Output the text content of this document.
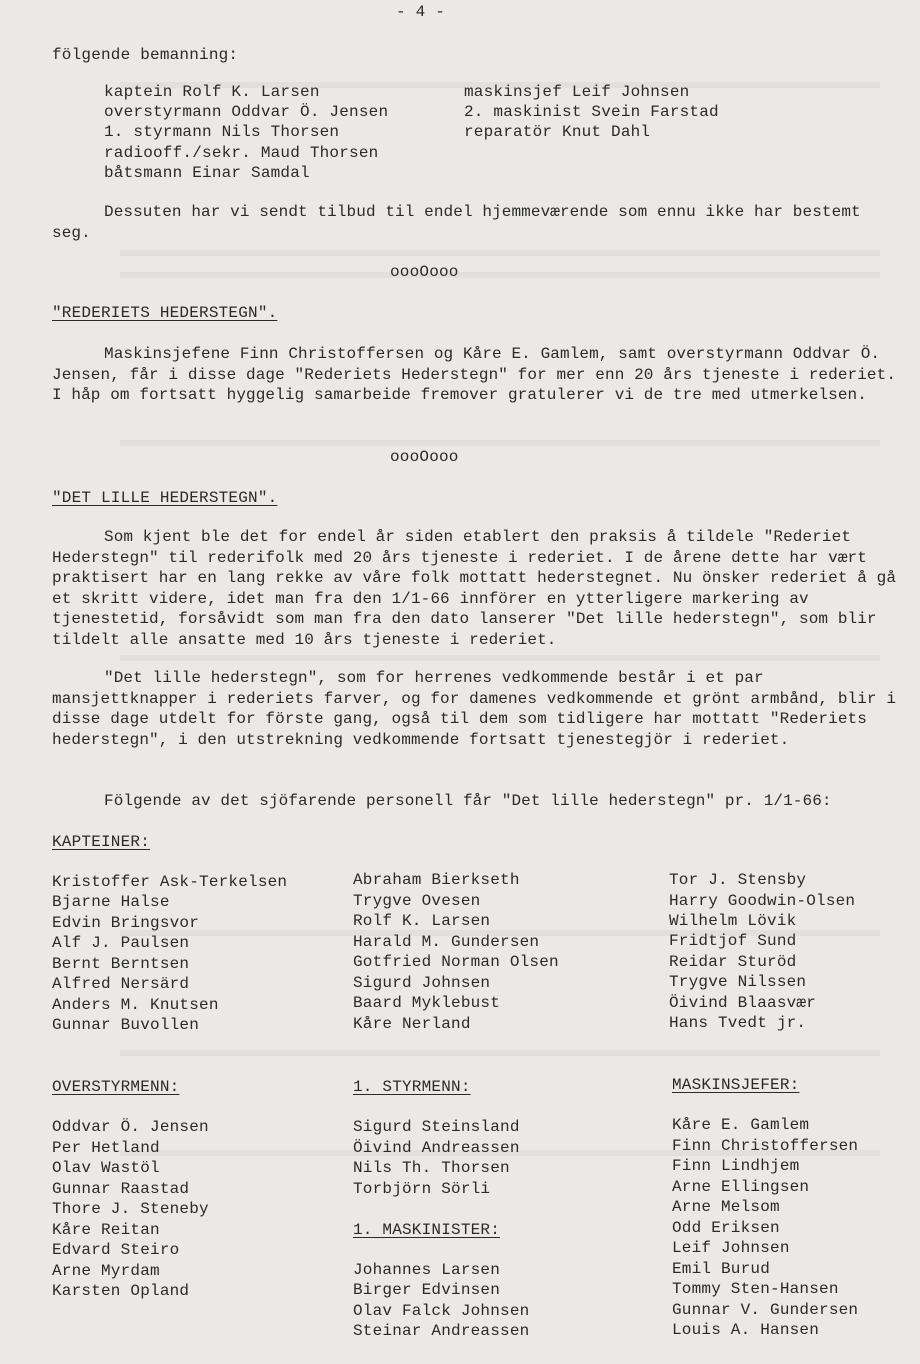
- 4 -
fölgende bemanning:
kaptein Rolf K. Larsen
overstyrmann Oddvar Ö. Jensen
1. styrmann Nils Thorsen
radiooff./sekr. Maud Thorsen
båtsmann Einar Samdal
maskinsjef Leif Johnsen
2. maskinist Svein Farstad
reparatör Knut Dahl

Dessuten har vi sendt tilbud til endel hjemmeværende som ennu ikke har bestemt seg.

oooOooo
"REDERIETS HEDERSTEGN".

Maskinsjefene Finn Christoffersen og Kåre E. Gamlem, samt overstyrmann Oddvar Ö. Jensen, får i disse dage "Rederiets Hederstegn" for mer enn 20 års tjeneste i rederiet. I håp om fortsatt hyggelig samarbeide fremover gratulerer vi de tre med utmerkelsen.

oooOooo
"DET LILLE HEDERSTEGN".

Som kjent ble det for endel år siden etablert den praksis å tildele "Rederiet Hederstegn" til rederifolk med 20 års tjeneste i rederiet. I de årene dette har vært praktisert har en lang rekke av våre folk mottatt hederstegnet. Nu önsker rederiet å gå et skritt videre, idet man fra den 1/1-66 innförer en ytterligere markering av tjenestetid, forsåvidt som man fra den dato lanserer "Det lille hederstegn", som blir tildelt alle ansatte med 10 års tjeneste i rederiet.

"Det lille hederstegn", som for herrenes vedkommende består i et par mansjettknapper i rederiets farver, og for damenes vedkommende et grönt armbånd, blir i disse dage utdelt for förste gang, også til dem som tidligere har mottatt "Rederiets hederstegn", i den utstrekning vedkommende fortsatt tjenestegjör i rederiet.

Fölgende av det sjöfarende personell får "Det lille hederstegn" pr. 1/1-66:

KAPTEINER:
Kristoffer Ask-Terkelsen
Bjarne Halse
Edvin Bringsvor
Alf J. Paulsen
Bernt Berntsen
Alfred Nersärd
Anders M. Knutsen
Gunnar Buvollen
Abraham Bierkseth
Trygve Ovesen
Rolf K. Larsen
Harald M. Gundersen
Gotfried Norman Olsen
Sigurd Johnsen
Baard Myklebust
Kåre Nerland
Tor J. Stensby
Harry Goodwin-Olsen
Wilhelm Lövik
Fridtjof Sund
Reidar Sturöd
Trygve Nilssen
Öivind Blaasvær
Hans Tvedt jr.
OVERSTYRMENN:
Oddvar Ö. Jensen
Per Hetland
Olav Wastöl
Gunnar Raastad
Thore J. Steneby
Kåre Reitan
Edvard Steiro
Arne Myrdam
Karsten Opland
1. STYRMENN:
Sigurd Steinsland
Öivind Andreassen
Nils Th. Thorsen
Torbjörn Sörli
1. MASKINISTER:
Johannes Larsen
Birger Edvinsen
Olav Falck Johnsen
Steinar Andreassen
MASKINSJEFER:
Kåre E. Gamlem
Finn Christoffersen
Finn Lindhjem
Arne Ellingsen
Arne Melsom
Odd Eriksen
Leif Johnsen
Emil Burud
Tommy Sten-Hansen
Gunnar V. Gundersen
Louis A. Hansen
